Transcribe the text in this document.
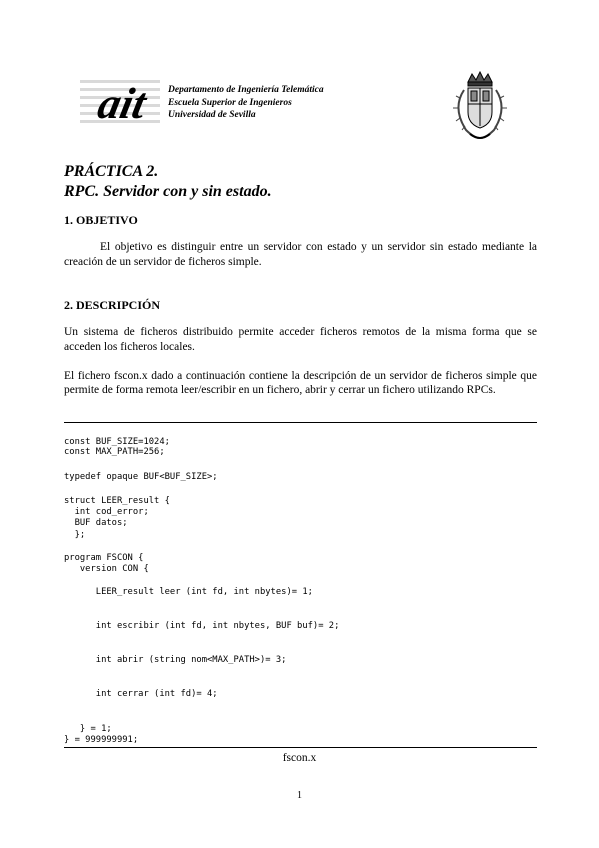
ait Departamento de Ingeniería Telemática
Escuela Superior de Ingenieros
Universidad de Sevilla
PRÁCTICA 2.
RPC. Servidor con y sin estado.
1. OBJETIVO
El objetivo es distinguir entre un servidor con estado y un servidor sin estado mediante la creación de un servidor de ficheros simple.
2. DESCRIPCIÓN
Un sistema de ficheros distribuido permite acceder ficheros remotos de la misma forma que se acceden los ficheros locales.
El fichero fscon.x dado a continuación contiene la descripción de un servidor de ficheros simple que permite de forma remota leer/escribir en un fichero, abrir y cerrar un fichero utilizando RPCs.
const BUF_SIZE=1024;
const MAX_PATH=256;
typedef opaque BUF<BUF_SIZE>;
struct LEER_result {
int cod_error;
BUF datos;
};
program FSCON {
version CON {
LEER_result leer (int fd, int nbytes)= 1;
int escribir (int fd, int nbytes, BUF buf)= 2;
int abrir (string nom<MAX_PATH>)= 3;
int cerrar (int fd)= 4;
} = 1;
} = 999999991;
fscon.x
1
